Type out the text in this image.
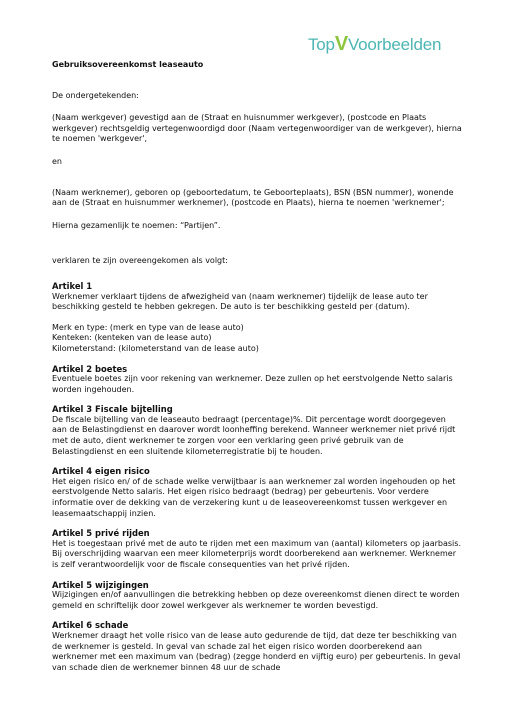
TopVVoorbeelden

Gebruiksovereenkomst leaseauto

De ondergetekenden:

(Naam werkgever) gevestigd aan de (Straat en huisnummer werkgever), (postcode en Plaats werkgever) rechtsgeldig vertegenwoordigd door (Naam vertegenwoordiger van de werkgever), hierna te noemen 'werkgever',

en

(Naam werknemer), geboren op (geboortedatum, te Geboorteplaats), BSN (BSN nummer), wonende aan de (Straat en huisnummer werknemer), (postcode en Plaats), hierna te noemen 'werknemer';

Hierna gezamenlijk te noemen: “Partijen”.

verklaren te zijn overeengekomen als volgt:

Artikel 1

Werknemer verklaart tijdens de afwezigheid van (naam werknemer) tijdelijk de lease auto ter beschikking gesteld te hebben gekregen. De auto is ter beschikking gesteld per (datum).

Merk en type: (merk en type van de lease auto)

Kenteken: (kenteken van de lease auto)

Kilometerstand: (kilometerstand van de lease auto)

Artikel 2 boetes

Eventuele boetes zijn voor rekening van werknemer. Deze zullen op het eerstvolgende Netto salaris worden ingehouden.

Artikel 3 Fiscale bijtelling

De fiscale bijtelling van de leaseauto bedraagt (percentage)%. Dit percentage wordt doorgegeven aan de Belastingdienst en daarover wordt loonheffing berekend. Wanneer werknemer niet privé rijdt met de auto, dient werknemer te zorgen voor een verklaring geen privé gebruik van de Belastingdienst en een sluitende kilometerregistratie bij te houden.

Artikel 4 eigen risico

Het eigen risico en/ of de schade welke verwijtbaar is aan werknemer zal worden ingehouden op het eerstvolgende Netto salaris. Het eigen risico bedraagt (bedrag) per gebeurtenis. Voor verdere informatie over de dekking van de verzekering kunt u de leaseovereenkomst tussen werkgever en leasemaatschappij inzien.

Artikel 5 privé rijden

Het is toegestaan privé met de auto te rijden met een maximum van (aantal) kilometers op jaarbasis. Bij overschrijding waarvan een meer kilometerprijs wordt doorberekend aan werknemer. Werknemer is zelf verantwoordelijk voor de fiscale consequenties van het privé rijden.

Artikel 5 wijzigingen

Wijzigingen en/of aanvullingen die betrekking hebben op deze overeenkomst dienen direct te worden gemeld en schriftelijk door zowel werkgever als werknemer te worden bevestigd.

Artikel 6 schade

Werknemer draagt het volle risico van de lease auto gedurende de tijd, dat deze ter beschikking van de werknemer is gesteld. In geval van schade zal het eigen risico worden doorberekend aan werknemer met een maximum van (bedrag) (zegge honderd en vijftig euro) per gebeurtenis. In geval van schade dien de werknemer binnen 48 uur de schade
